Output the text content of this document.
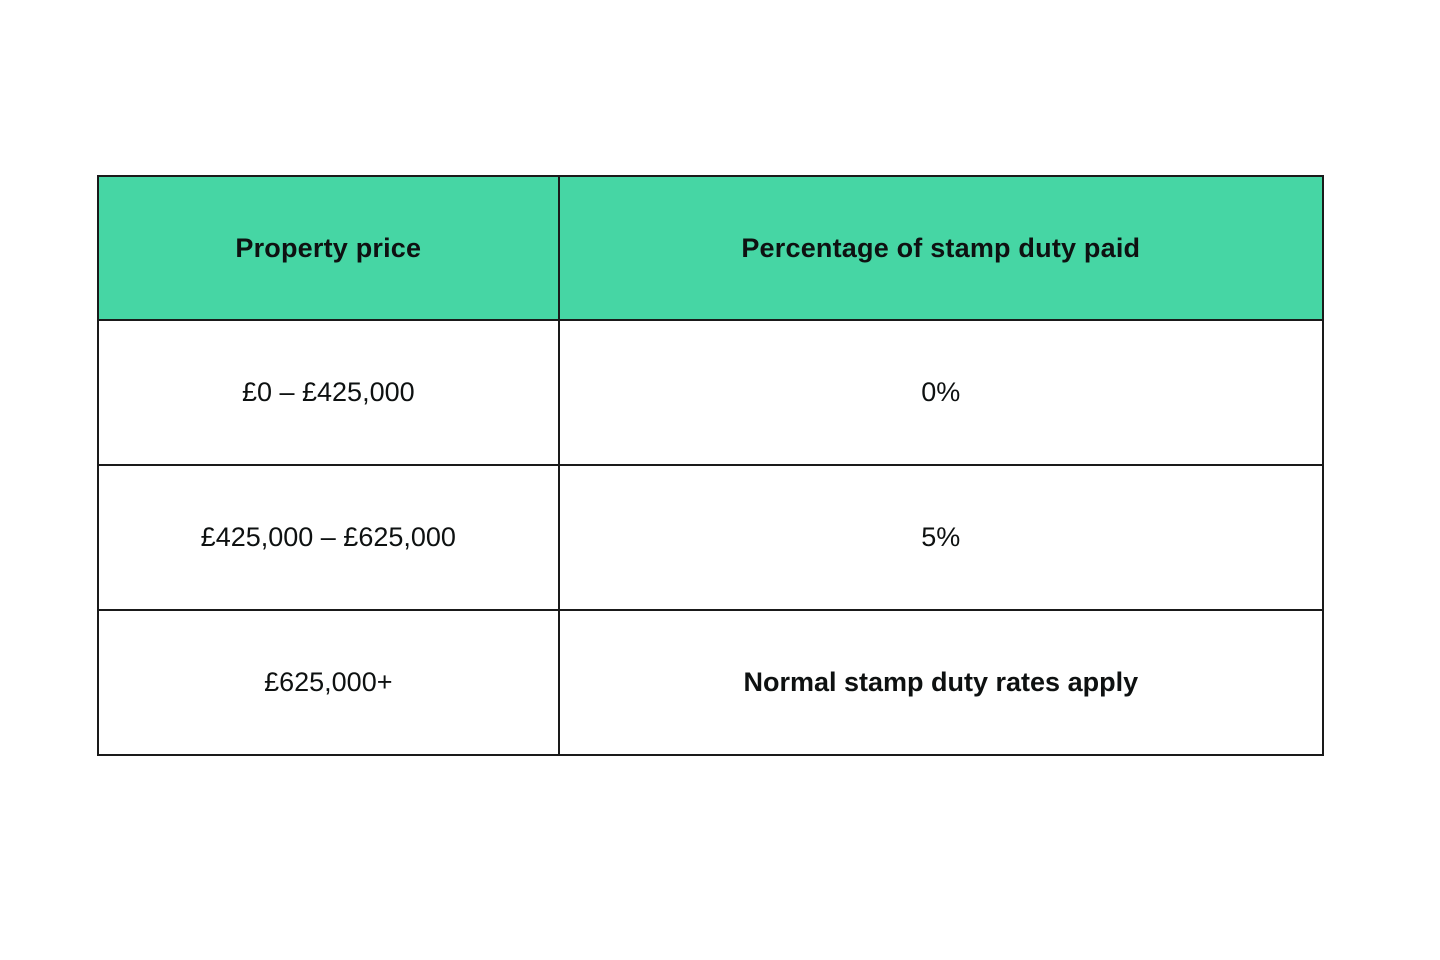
Property price	Percentage of stamp duty paid
£0 – £425,000	0%
£425,000 – £625,000	5%
£625,000+	Normal stamp duty rates apply
